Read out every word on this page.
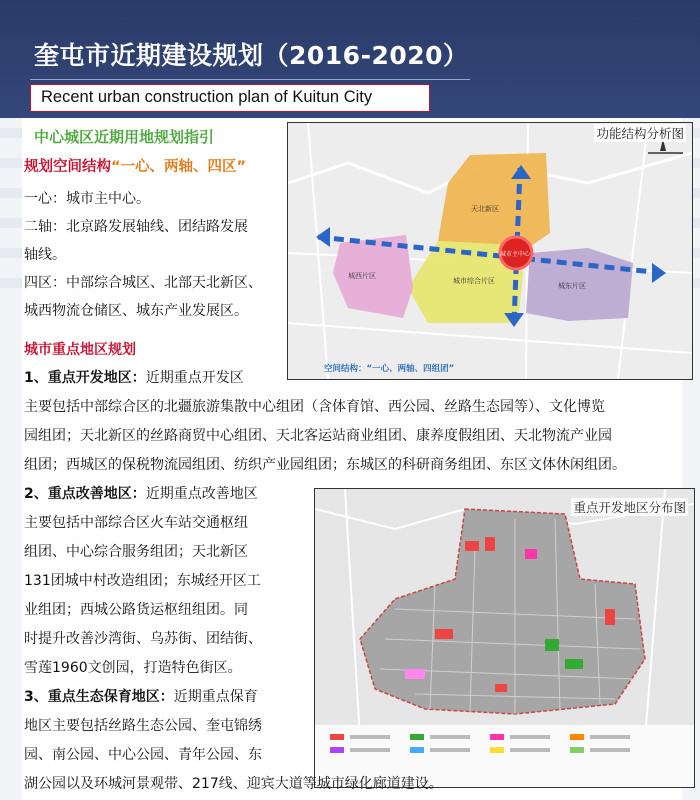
奎屯市近期建设规划（2016-2020）
Recent urban construction plan of Kuitun City
天北新区
城西片区
城市综合片区
城东片区
城市主中心
功能结构分析图
空间结构：“一心、两轴、四组团”
重点开发地区分布图
中心城区近期用地规划指引
规划空间结构“一心、两轴、四区”
一心：城市主中心。
二轴：北京路发展轴线、团结路发展
轴线。
四区：中部综合城区、北部天北新区、
城西物流仓储区、城东产业发展区。
城市重点地区规划
1、重点开发地区：近期重点开发区
主要包括中部综合区的北疆旅游集散中心组团（含体育馆、西公园、丝路生态园等）、文化博览
园组团；天北新区的丝路商贸中心组团、天北客运站商业组团、康养度假组团、天北物流产业园
组团；西城区的保税物流园组团、纺织产业园组团；东城区的科研商务组团、东区文体休闲组团。
2、重点改善地区：近期重点改善地区
主要包括中部综合区火车站交通枢纽
组团、中心综合服务组团；天北新区
131团城中村改造组团；东城经开区工
业组团；西城公路货运枢纽组团。同
时提升改善沙湾街、乌苏街、团结街、
雪莲1960文创园，打造特色街区。
3、重点生态保育地区：近期重点保育
地区主要包括丝路生态公园、奎屯锦绣
园、南公园、中心公园、青年公园、东
湖公园以及环城河景观带、217线、迎宾大道等城市绿化廊道建设。
